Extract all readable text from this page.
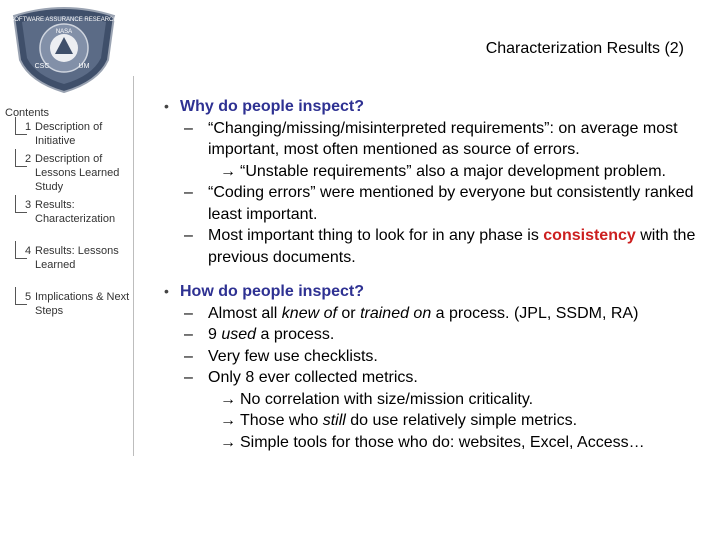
SOFTWARE ASSURANCE RESEARCH
NASA
CSC	UM
Characterization Results (2)
Contents
1 Description of Initiative
2 Description of Lessons Learned Study
3 Results: Characterization
4 Results: Lessons Learned
5 Implications & Next Steps
• Why do people inspect?
– “Changing/missing/misinterpreted requirements”: on average most important, most often mentioned as source of errors.
→ “Unstable requirements” also a major development problem.
– “Coding errors” were mentioned by everyone but consistently ranked least important.
– Most important thing to look for in any phase is consistency with the previous documents.
• How do people inspect?
– Almost all knew of or trained on a process. (JPL, SSDM, RA)
– 9 used a process.
– Very few use checklists.
– Only 8 ever collected metrics.
→ No correlation with size/mission criticality.
→ Those who still do use relatively simple metrics.
→ Simple tools for those who do: websites, Excel, Access…
